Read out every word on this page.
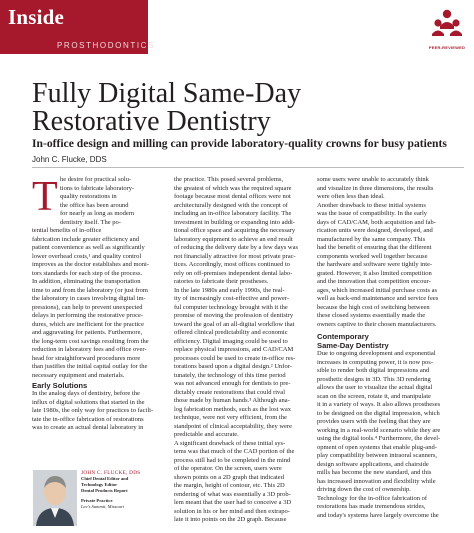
Inside
PROSTHODONTICS	PEER-REVIEWED
Fully Digital Same-Day
Restorative Dentistry
In-office design and milling can provide laboratory-quality crowns for busy patients
John C. Flucke, DDS
T he desire for practical solu-

tions to fabricate laboratory-

quality restorations in

the office has been around

for nearly as long as modern

dentistry itself. The po-

tential benefits of in-office

fabrication include greater efficiency and

patient convenience as well as significantly

lower overhead costs,¹ and quality control

improves as the doctor establishes and moni-

tors standards for each step of the process.

In addition, eliminating the transportation

time to and from the laboratory (or just from

the laboratory in cases involving digital im-

pressions), can help to prevent unexpected

delays in performing the restorative proce-

dures, which are inefficient for the practice

and aggravating for patients. Furthermore,

the long-term cost savings resulting from the

reduction in laboratory fees and office over-

head for straightforward procedures more

than justifies the initial capital outlay for the

necessary equipment and materials.

Early Solutions

In the analog days of dentistry, before the

influx of digital solutions that started in the

late 1980s, the only way for practices to facili-

tate the in-office fabrication of restorations

was to create an actual dental laboratory in

the practice. This posed several problems,

the greatest of which was the required square

footage because most dental offices were not

architecturally designed with the concept of

including an in-office laboratory facility. The

investment in building or expanding into addi-

tional office space and acquiring the necessary

laboratory equipment to achieve an end result

of reducing the delivery date by a few days was

not financially attractive for most private prac-

tices. Accordingly, most offices continued to

rely on off-premises independent dental labo-

ratories to fabricate their prostheses.

In the late 1980s and early 1990s, the real-

ity of increasingly cost-effective and power-

ful computer technology brought with it the

promise of moving the profession of dentistry

toward the goal of an all-digital workflow that

offered clinical predictability and economic

efficiency. Digital imaging could be used to

replace physical impressions, and CAD/CAM

processes could be used to create in-office res-

torations based upon a digital design.² Unfor-

tunately, the technology of this time period

was not advanced enough for dentists to pre-

dictably create restorations that could rival

those made by human hands.³ Although ana-

log fabrication methods, such as the lost wax

technique, were not very efficient, from the

standpoint of clinical acceptability, they were

predictable and accurate.

A significant drawback of these initial sys-

tems was that much of the CAD portion of the

process still had to be completed in the mind

of the operator. On the screen, users were

shown points on a 2D graph that indicated

the margin, height of contour, etc. This 2D

rendering of what was essentially a 3D prob-

lem meant that the user had to conceive a 3D

solution in his or her mind and then extrapo-

late it into points on the 2D graph. Because

some users were unable to accurately think

and visualize in three dimensions, the results

were often less than ideal.

Another drawback to these initial systems

was the issue of compatibility. In the early

days of CAD/CAM, both acquisition and fab-

rication units were designed, developed, and

manufactured by the same company. This

had the benefit of ensuring that the different

components worked well together because

the hardware and software were tightly inte-

grated. However, it also limited competition

and the innovation that competition encour-

ages, which increased initial purchase costs as

well as back-end maintenance and service fees

because the high cost of switching between

these closed systems essentially made the

owners captive to their chosen manufacturers.

Contemporary
Same-Day Dentistry

Due to ongoing development and exponential

increases in computing power, it is now pos-

sible to render both digital impressions and

prosthetic designs in 3D. This 3D rendering

allows the user to visualize the actual digital

scan on the screen, rotate it, and manipulate

it in a variety of ways. It also allows prostheses

to be designed on the digital impression, which

provides users with the feeling that they are

working in a real-world scenario while they are

using the digital tools.⁴ Furthermore, the devel-

opment of open systems that enable plug-and-

play compatibility between intraoral scanners,

design software applications, and chairside

mills has become the new standard, and this

has increased innovation and flexibility while

driving down the cost of ownership.

Technology for the in-office fabrication of

restorations has made tremendous strides,

and today's systems have largely overcome the

JOHN C. FLUCKE, DDS
Chief Dental Editor and
Technology Editor
Dental Products Report
Private Practice
Lee's Summit, Missouri
